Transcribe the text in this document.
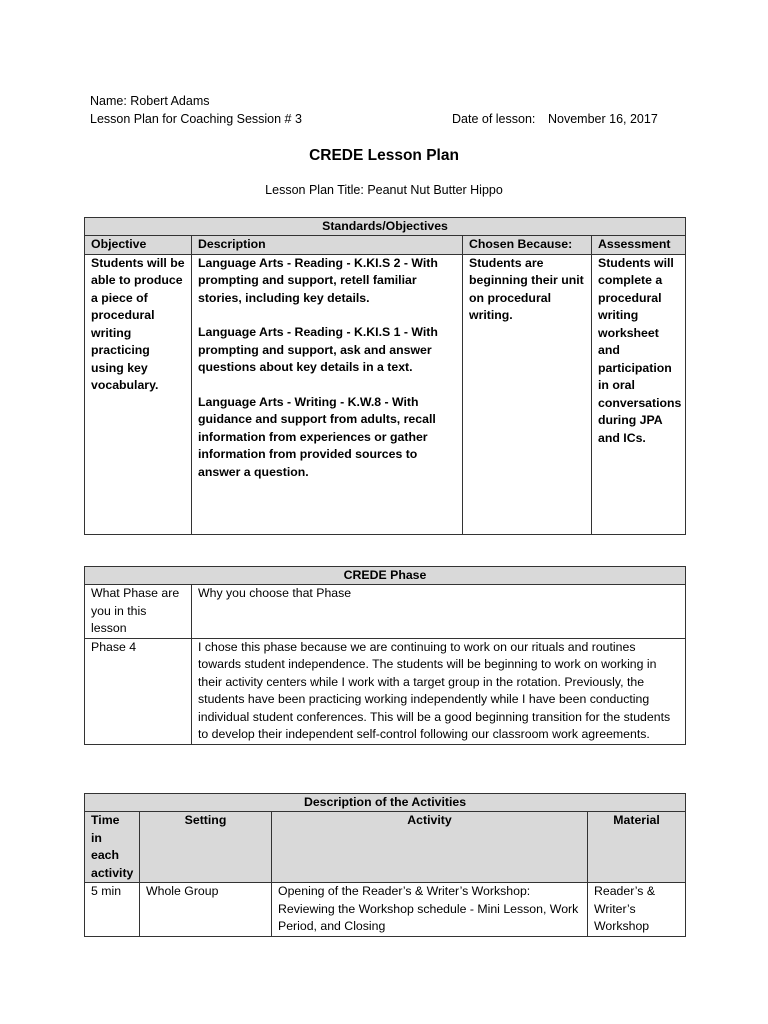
Name: Robert Adams
Lesson Plan for Coaching Session # 3	Date of lesson: November 16, 2017
CREDE Lesson Plan
Lesson Plan Title: Peanut Nut Butter Hippo
Standards/Objectives			
Objective	Description	Chosen Because:	Assessment
Students will be able to produce a piece of procedural writing practicing using key vocabulary.	Language Arts - Reading - K.KI.S 2 - With prompting and support, retell familiar stories, including key details.
Language Arts - Reading - K.KI.S 1 - With prompting and support, ask and answer questions about key details in a text.
Language Arts - Writing - K.W.8 - With guidance and support from adults, recall information from experiences or gather information from provided sources to answer a question.	Students are beginning their unit on procedural writing.	Students will complete a procedural writing worksheet and participation in oral conversations during JPA and ICs.
CREDE Phase	
What Phase are you in this lesson	Why you choose that Phase
Phase 4	I chose this phase because we are continuing to work on our rituals and routines towards student independence. The students will be beginning to work on working in their activity centers while I work with a target group in the rotation. Previously, the students have been practicing working independently while I have been conducting individual student conferences. This will be a good beginning transition for the students to develop their independent self-control following our classroom work agreements.
Description of the Activities			
Time in each activity	Setting	Activity	Material
5 min	Whole Group	Opening of the Reader’s & Writer’s Workshop: Reviewing the Workshop schedule - Mini Lesson, Work Period, and Closing	Reader’s & Writer’s Workshop
